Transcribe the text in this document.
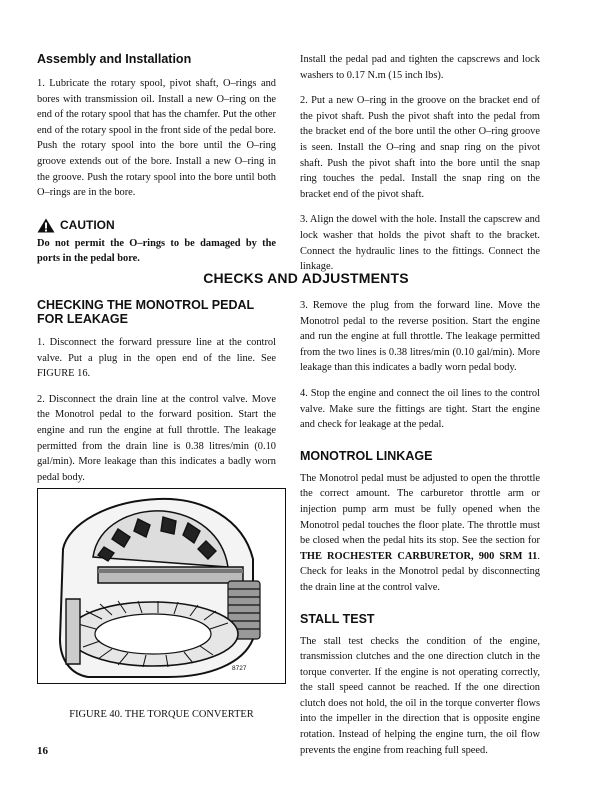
Assembly and Installation

1. Lubricate the rotary spool, pivot shaft, O–rings and bores with transmission oil. Install a new O–ring on the end of the rotary spool that has the chamfer. Put the other end of the rotary spool in the front side of the pedal bore. Push the rotary spool into the bore until the O–ring groove extends out of the bore. Install a new O–ring in the groove. Push the rotary spool into the bore until both O–rings are in the bore.

CAUTION

Do not permit the O–rings to be damaged by the ports in the pedal bore.

Install the pedal pad and tighten the capscrews and lock washers to 0.17 N.m (15 inch lbs).

2. Put a new O–ring in the groove on the bracket end of the pivot shaft. Push the pivot shaft into the pedal from the bracket end of the bore until the other O–ring groove is seen. Install the O–ring and snap ring on the pivot shaft. Push the pivot shaft into the bore until the snap ring touches the pedal. Install the snap ring on the bracket end of the pivot shaft.

3. Align the dowel with the hole. Install the capscrew and lock washer that holds the pivot shaft to the bracket. Connect the hydraulic lines to the fittings. Connect the linkage.

CHECKS AND ADJUSTMENTS
CHECKING THE MONOTROL PEDAL FOR LEAKAGE

1. Disconnect the forward pressure line at the control valve. Put a plug in the open end of the line. See FIGURE 16.

2. Disconnect the drain line at the control valve. Move the Monotrol pedal to the forward position. Start the engine and run the engine at full throttle. The leakage permitted from the drain line is 0.38 litres/min (0.10 gal/min). More leakage than this indicates a badly worn pedal body.

8727
FIGURE 40. THE TORQUE CONVERTER

3. Remove the plug from the forward line. Move the Monotrol pedal to the reverse position. Start the engine and run the engine at full throttle. The leakage permitted from the two lines is 0.38 litres/min (0.10 gal/min). More leakage than this indicates a badly worn pedal body.

4. Stop the engine and connect the oil lines to the control valve. Make sure the fittings are tight. Start the engine and check for leakage at the pedal.

MONOTROL LINKAGE

The Monotrol pedal must be adjusted to open the throttle the correct amount. The carburetor throttle arm or injection pump arm must be fully opened when the Monotrol pedal touches the floor plate. The throttle must be closed when the pedal hits its stop. See the section for THE ROCHESTER CARBURETOR, 900 SRM 11. Check for leaks in the Monotrol pedal by disconnecting the drain line at the control valve.

STALL TEST

The stall test checks the condition of the engine, transmission clutches and the one direction clutch in the torque converter. If the engine is not operating correctly, the stall speed cannot be reached. If the one direction clutch does not hold, the oil in the torque converter flows into the impeller in the direction that is opposite engine rotation. Instead of helping the engine turn, the oil flow prevents the engine from reaching full speed.

16
